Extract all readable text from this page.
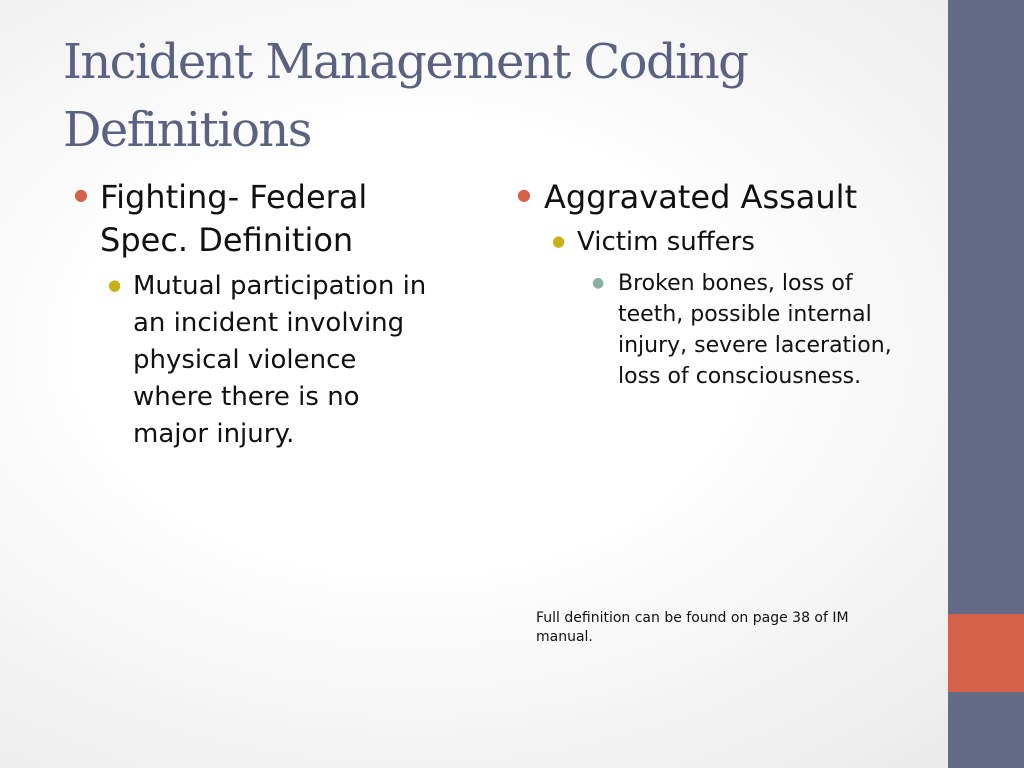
Incident Management Coding
Definitions
● Fighting- Federal Spec. Definition
● Mutual participation in an incident involving physical violence where there is no major injury.
● Aggravated Assault
● Victim suffers
● Broken bones, loss of teeth, possible internal injury, severe laceration, loss of consciousness.
Full definition can be found on page 38 of IM manual.
